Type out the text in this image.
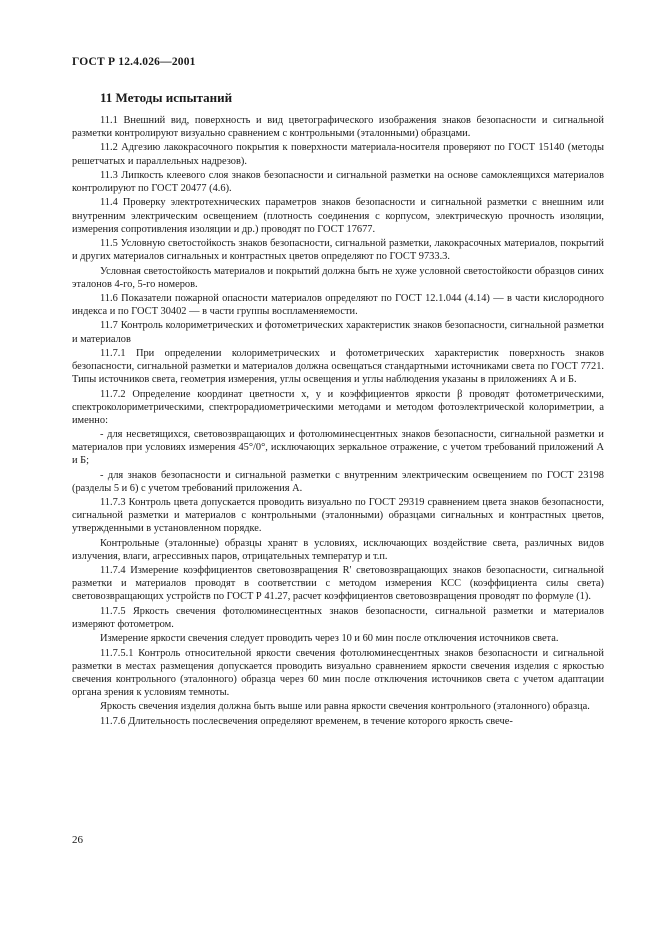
ГОСТ Р 12.4.026—2001
11 Методы испытаний

11.1 Внешний вид, поверхность и вид цветографического изображения знаков безопасности и сигнальной разметки контролируют визуально сравнением с контрольными (эталонными) образцами.

11.2 Адгезию лакокрасочного покрытия к поверхности материала-носителя проверяют по ГОСТ 15140 (методы решетчатых и параллельных надрезов).

11.3 Липкость клеевого слоя знаков безопасности и сигнальной разметки на основе самоклеящихся материалов контролируют по ГОСТ 20477 (4.6).

11.4 Проверку электротехнических параметров знаков безопасности и сигнальной разметки с внешним или внутренним электрическим освещением (плотность соединения с корпусом, электрическую прочность изоляции, измерения сопротивления изоляции и др.) проводят по ГОСТ 17677.

11.5 Условную светостойкость знаков безопасности, сигнальной разметки, лакокрасочных материалов, покрытий и других материалов сигнальных и контрастных цветов определяют по ГОСТ 9733.3.

Условная светостойкость материалов и покрытий должна быть не хуже условной светостойкости образцов синих эталонов 4-го, 5-го номеров.

11.6 Показатели пожарной опасности материалов определяют по ГОСТ 12.1.044 (4.14) — в части кислородного индекса и по ГОСТ 30402 — в части группы воспламеняемости.

11.7 Контроль колориметрических и фотометрических характеристик знаков безопасности, сигнальной разметки и материалов

11.7.1 При определении колориметрических и фотометрических характеристик поверхность знаков безопасности, сигнальной разметки и материалов должна освещаться стандартными источниками света по ГОСТ 7721. Типы источников света, геометрия измерения, углы освещения и углы наблюдения указаны в приложениях А и Б.

11.7.2 Определение координат цветности x, y и коэффициентов яркости β проводят фотометрическими, спектроколориметрическими, спектрорадиометрическими методами и методом фотоэлектрической колориметрии, а именно:

- для несветящихся, световозвращающих и фотолюминесцентных знаков безопасности, сигнальной разметки и материалов при условиях измерения 45°/0°, исключающих зеркальное отражение, с учетом требований приложений А и Б;

- для знаков безопасности и сигнальной разметки с внутренним электрическим освещением по ГОСТ 23198 (разделы 5 и 6) с учетом требований приложения А.

11.7.3 Контроль цвета допускается проводить визуально по ГОСТ 29319 сравнением цвета знаков безопасности, сигнальной разметки и материалов с контрольными (эталонными) образцами сигнальных и контрастных цветов, утвержденными в установленном порядке.

Контрольные (эталонные) образцы хранят в условиях, исключающих воздействие света, различных видов излучения, влаги, агрессивных паров, отрицательных температур и т.п.

11.7.4 Измерение коэффициентов световозвращения R' световозвращающих знаков безопасности, сигнальной разметки и материалов проводят в соответствии с методом измерения КСС (коэффициента силы света) световозвращающих устройств по ГОСТ Р 41.27, расчет коэффициентов световозвращения проводят по формуле (1).

11.7.5 Яркость свечения фотолюминесцентных знаков безопасности, сигнальной разметки и материалов измеряют фотометром.

Измерение яркости свечения следует проводить через 10 и 60 мин после отключения источников света.

11.7.5.1 Контроль относительной яркости свечения фотолюминесцентных знаков безопасности и сигнальной разметки в местах размещения допускается проводить визуально сравнением яркости свечения изделия с яркостью свечения контрольного (эталонного) образца через 60 мин после отключения источников света с учетом адаптации органа зрения к условиям темноты.

Яркость свечения изделия должна быть выше или равна яркости свечения контрольного (эталонного) образца.

11.7.6 Длительность послесвечения определяют временем, в течение которого яркость свече-

26
